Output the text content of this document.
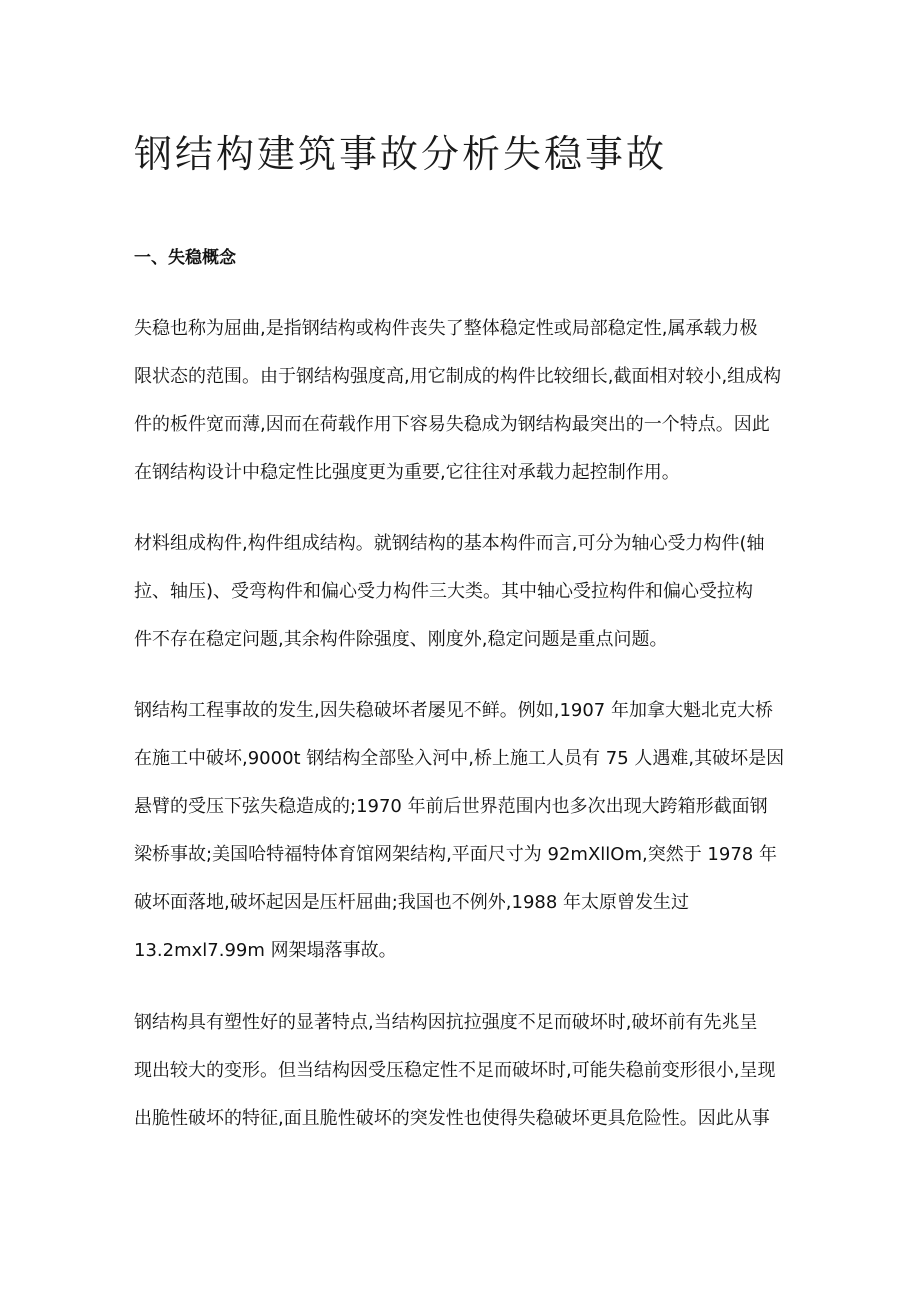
钢结构建筑事故分析失稳事故
一、失稳概念
失稳也称为屈曲,是指钢结构或构件丧失了整体稳定性或局部稳定性,属承载力极
限状态的范围。由于钢结构强度高,用它制成的构件比较细长,截面相对较小,组成构
件的板件宽而薄,因而在荷载作用下容易失稳成为钢结构最突出的一个特点。因此
在钢结构设计中稳定性比强度更为重要,它往往对承载力起控制作用。
材料组成构件,构件组成结构。就钢结构的基本构件而言,可分为轴心受力构件(轴
拉、轴压)、受弯构件和偏心受力构件三大类。其中轴心受拉构件和偏心受拉构
件不存在稳定问题,其余构件除强度、刚度外,稳定问题是重点问题。
钢结构工程事故的发生,因失稳破坏者屡见不鲜。例如,1907 年加拿大魁北克大桥
在施工中破坏,9000t 钢结构全部坠入河中,桥上施工人员有 75 人遇难,其破坏是因
悬臂的受压下弦失稳造成的;1970 年前后世界范围内也多次出现大跨箱形截面钢
梁桥事故;美国哈特福特体育馆网架结构,平面尺寸为 92mXllOm,突然于 1978 年
破坏面落地,破坏起因是压杆屈曲;我国也不例外,1988 年太原曾发生过
13.2mxl7.99m 网架塌落事故。
钢结构具有塑性好的显著特点,当结构因抗拉强度不足而破坏时,破坏前有先兆呈
现出较大的变形。但当结构因受压稳定性不足而破坏时,可能失稳前变形很小,呈现
出脆性破坏的特征,面且脆性破坏的突发性也使得失稳破坏更具危险性。因此从事
